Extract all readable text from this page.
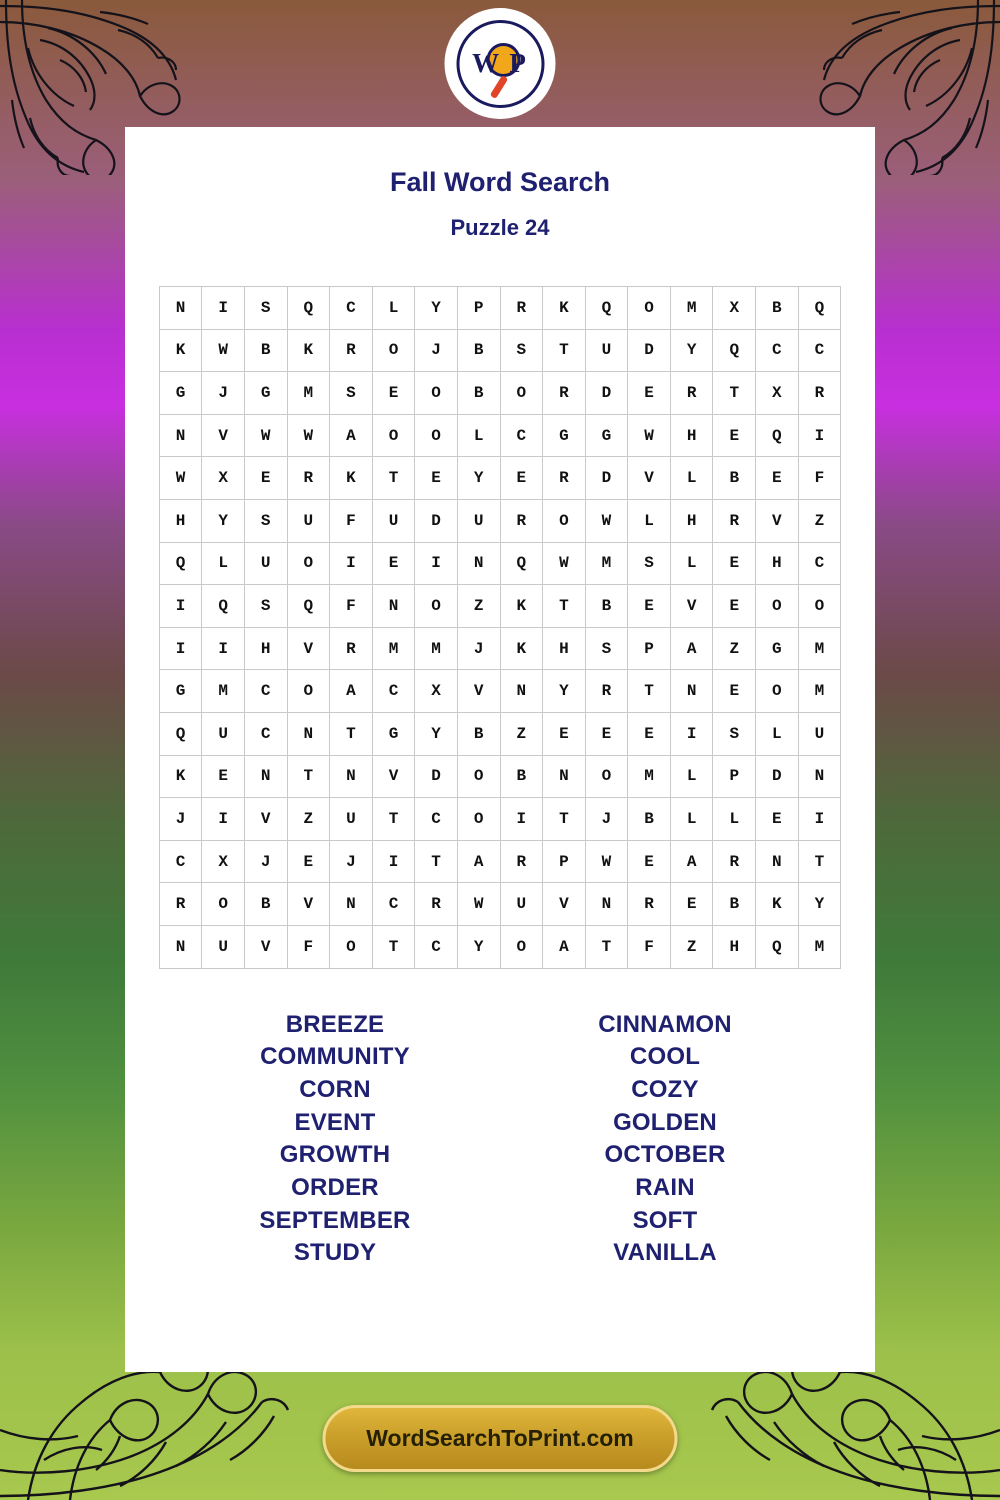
W P
Fall Word Search
Puzzle 24
N	I	S	Q	C	L	Y	P	R	K	Q	O	M	X	B	Q
K	W	B	K	R	O	J	B	S	T	U	D	Y	Q	C	C
G	J	G	M	S	E	O	B	O	R	D	E	R	T	X	R
N	V	W	W	A	O	O	L	C	G	G	W	H	E	Q	I
W	X	E	R	K	T	E	Y	E	R	D	V	L	B	E	F
H	Y	S	U	F	U	D	U	R	O	W	L	H	R	V	Z
Q	L	U	O	I	E	I	N	Q	W	M	S	L	E	H	C
I	Q	S	Q	F	N	O	Z	K	T	B	E	V	E	O	O
I	I	H	V	R	M	M	J	K	H	S	P	A	Z	G	M
G	M	C	O	A	C	X	V	N	Y	R	T	N	E	O	M
Q	U	C	N	T	G	Y	B	Z	E	E	E	I	S	L	U
K	E	N	T	N	V	D	O	B	N	O	M	L	P	D	N
J	I	V	Z	U	T	C	O	I	T	J	B	L	L	E	I
C	X	J	E	J	I	T	A	R	P	W	E	A	R	N	T
R	O	B	V	N	C	R	W	U	V	N	R	E	B	K	Y
N	U	V	F	O	T	C	Y	O	A	T	F	Z	H	Q	M
BREEZE
COMMUNITY
CORN
EVENT
GROWTH
ORDER
SEPTEMBER
STUDY
CINNAMON
COOL
COZY
GOLDEN
OCTOBER
RAIN
SOFT
VANILLA
WordSearchToPrint.com
